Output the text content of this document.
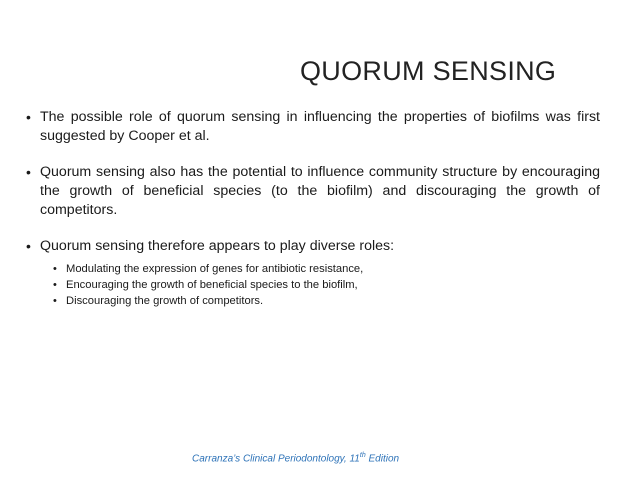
QUORUM SENSING
• The possible role of quorum sensing in influencing the properties of biofilms was first suggested by Cooper et al.
• Quorum sensing also has the potential to influence community structure by encouraging the growth of beneficial species (to the biofilm) and discouraging the growth of competitors.
• Quorum sensing therefore appears to play diverse roles:
• Modulating the expression of genes for antibiotic resistance,
• Encouraging the growth of beneficial species to the biofilm,
• Discouraging the growth of competitors.
Carranza’s Clinical Periodontology, 11th Edition
